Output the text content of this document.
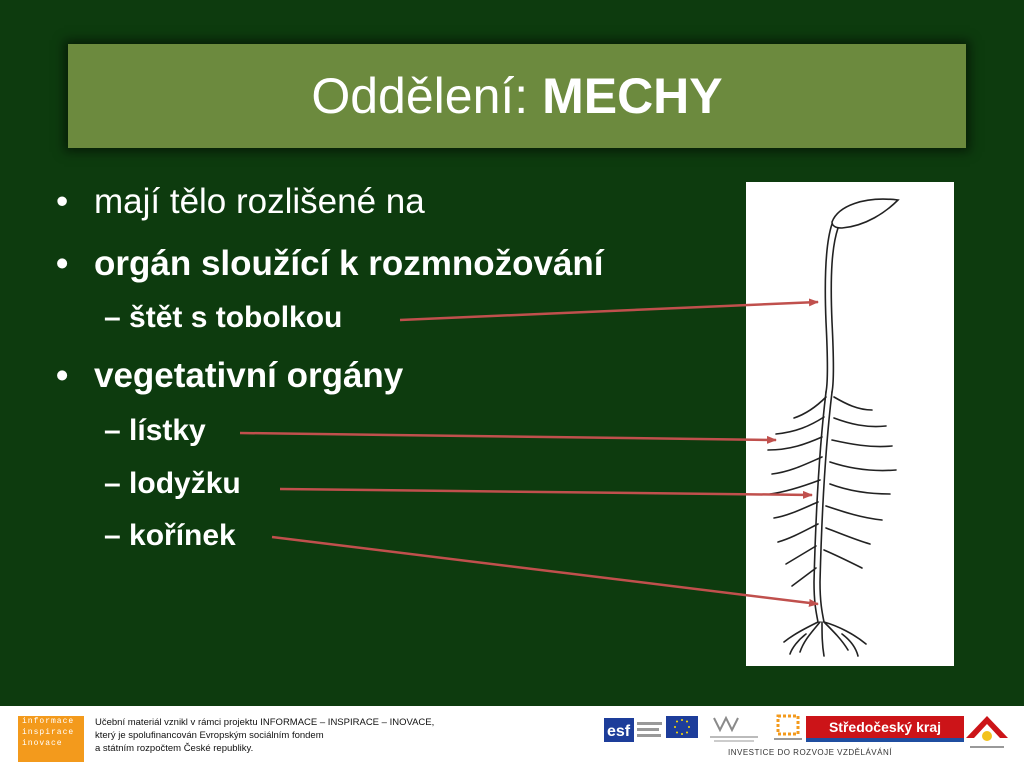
Oddělení: MECHY
• mají tělo rozlišené na
• orgán sloužící k rozmnožování
– štět s tobolkou
• vegetativní orgány
– lístky
– lodyžku
– kořínek
informace
inspirace
inovace
Učební materiál vznikl v rámci projektu INFORMACE – INSPIRACE – INOVACE,
který je spolufinancován Evropským sociálním fondem
a státním rozpočtem České republiky.
esf	Středočeský kraj
INVESTICE DO ROZVOJE VZDĚLÁVÁNÍ
